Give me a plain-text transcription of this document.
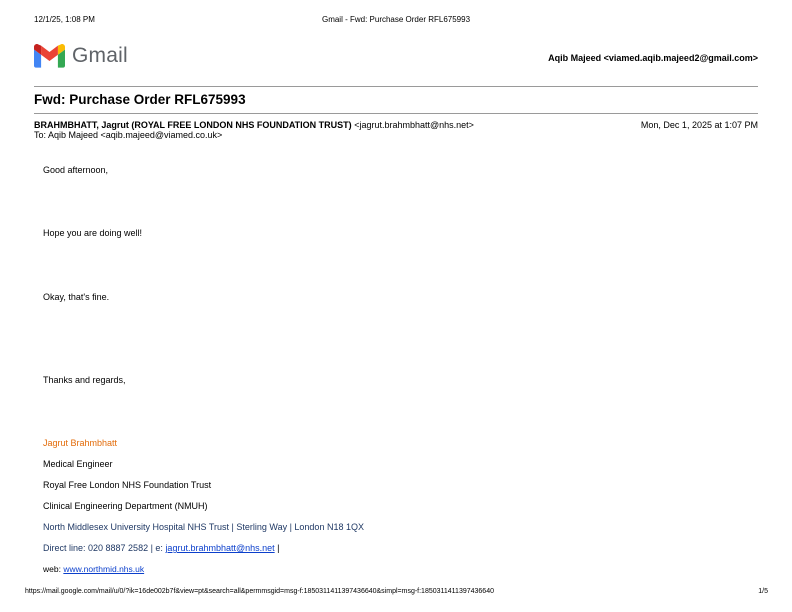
12/1/25, 1:08 PM	Gmail - Fwd: Purchase Order RFL675993
Gmail	Aqib Majeed <viamed.aqib.majeed2@gmail.com>
Fwd: Purchase Order RFL675993
BRAHMBHATT, Jagrut (ROYAL FREE LONDON NHS FOUNDATION TRUST) <jagrut.brahmbhatt@nhs.net>
To: Aqib Majeed <aqib.majeed@viamed.co.uk>
Mon, Dec 1, 2025 at 1:07 PM
Good afternoon,
Hope you are doing well!
Okay, that's fine.
Thanks and regards,
Jagrut Brahmbhatt
Medical Engineer
Royal Free London NHS Foundation Trust
Clinical Engineering Department (NMUH)
North Middlesex University Hospital NHS Trust | Sterling Way | London N18 1QX
Direct line: 020 8887 2582 | e: jagrut.brahmbhatt@nhs.net |
web: www.northmid.nhs.uk
https://mail.google.com/mail/u/0/?ik=16de002b7f&view=pt&search=all&permmsgid=msg-f:1850311411397436640&simpl=msg-f:1850311411397436640	1/5
